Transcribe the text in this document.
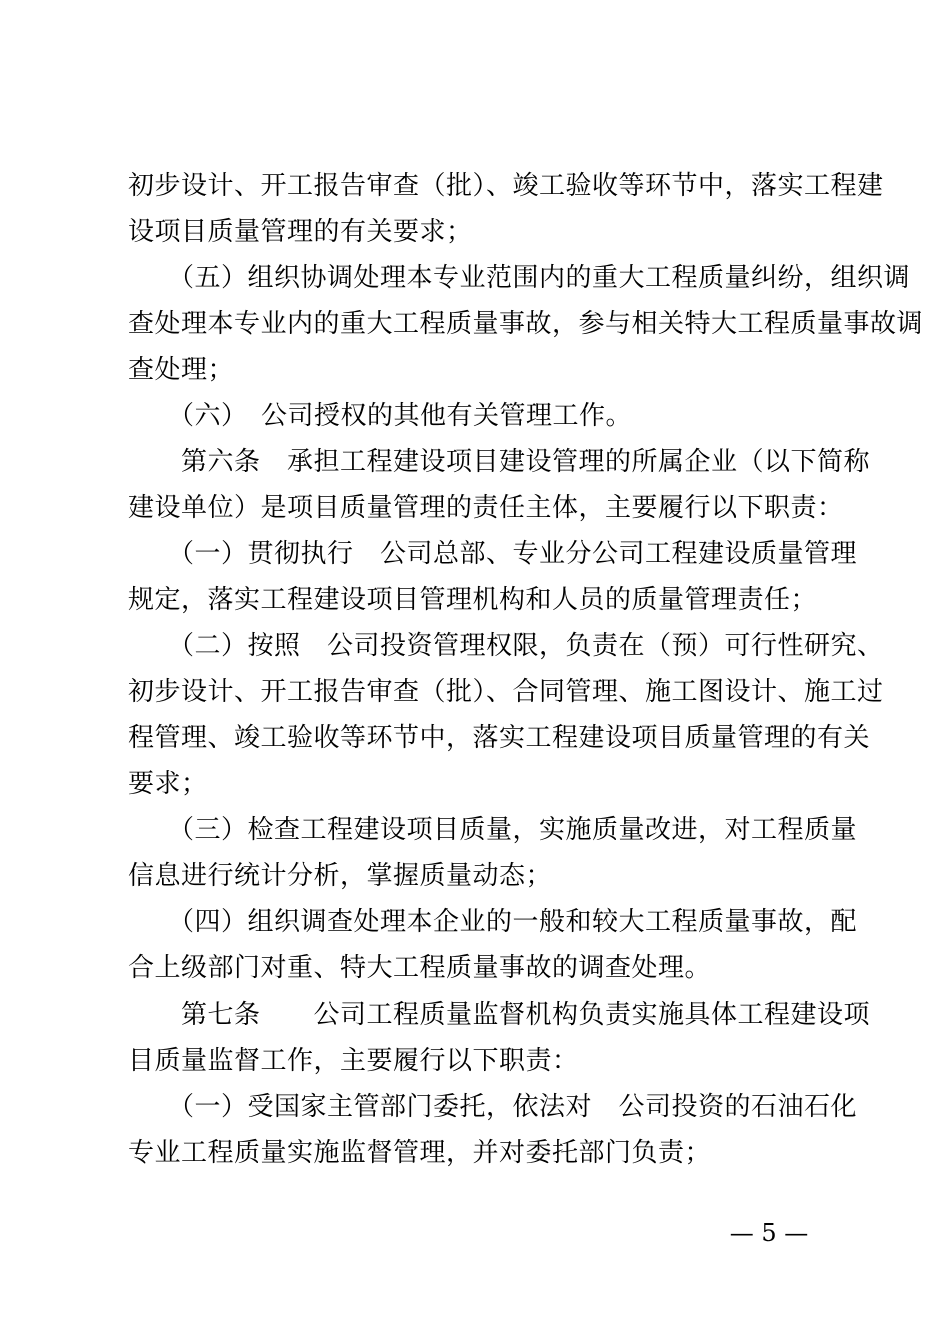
初步设计、开工报告审查（批）、竣工验收等环节中，落实工程建
设项目质量管理的有关要求；
　　（五）组织协调处理本专业范围内的重大工程质量纠纷，组织调
查处理本专业内的重大工程质量事故，参与相关特大工程质量事故调
查处理；
　　（六）　公司授权的其他有关管理工作。
　　第六条　承担工程建设项目建设管理的所属企业（以下简称
建设单位）是项目质量管理的责任主体，主要履行以下职责：
　　（一）贯彻执行　公司总部、专业分公司工程建设质量管理
规定，落实工程建设项目管理机构和人员的质量管理责任；
　　（二）按照　公司投资管理权限，负责在（预）可行性研究、
初步设计、开工报告审查（批）、合同管理、施工图设计、施工过
程管理、竣工验收等环节中，落实工程建设项目质量管理的有关
要求；
　　（三）检查工程建设项目质量，实施质量改进，对工程质量
信息进行统计分析，掌握质量动态；
　　（四）组织调查处理本企业的一般和较大工程质量事故，配
合上级部门对重、特大工程质量事故的调查处理。
　　第七条　　公司工程质量监督机构负责实施具体工程建设项
目质量监督工作，主要履行以下职责：
　　（一）受国家主管部门委托，依法对　公司投资的石油石化
专业工程质量实施监督管理，并对委托部门负责；
— 5 —
